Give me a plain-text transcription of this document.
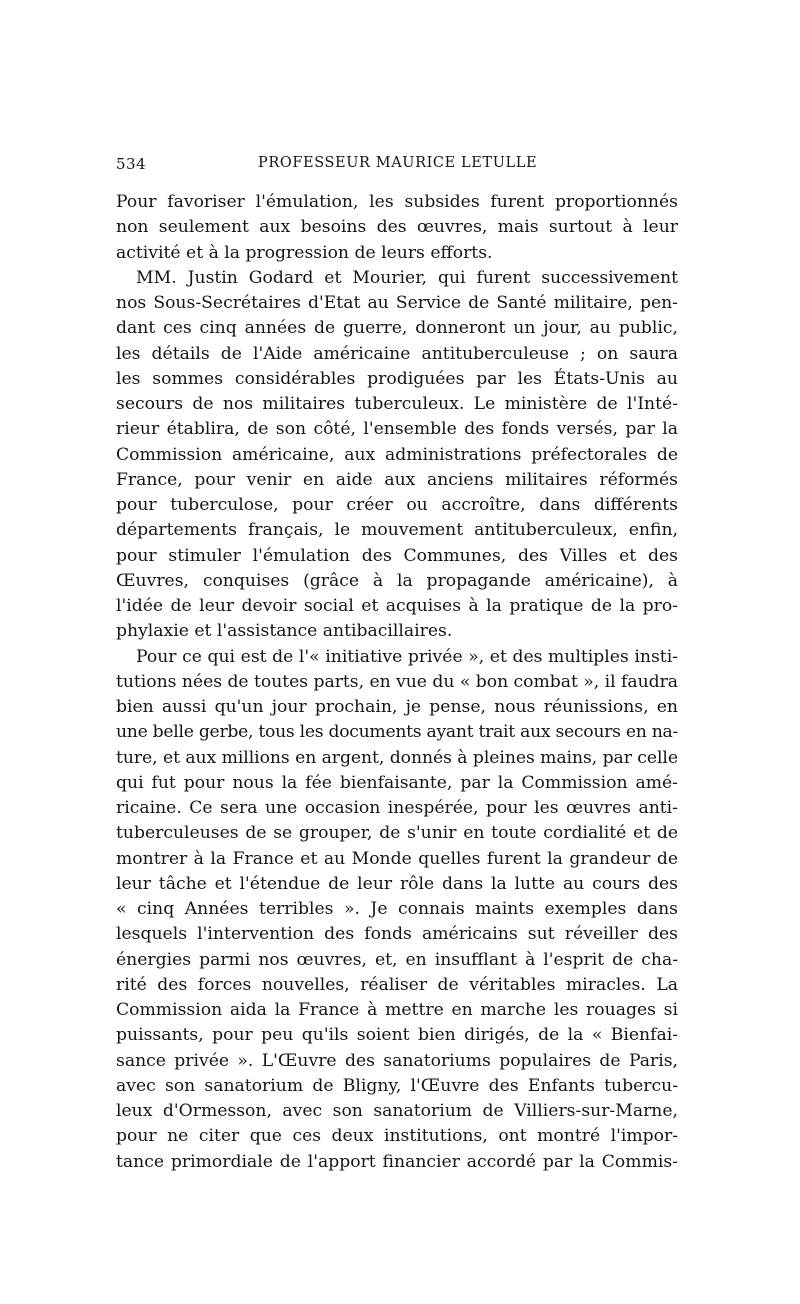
534	PROFESSEUR MAURICE LETULLE
Pour favoriser l'émulation, les subsides furent proportionnés
non seulement aux besoins des œuvres, mais surtout à leur
activité et à la progression de leurs efforts.
MM. Justin Godard et Mourier, qui furent successivement
nos Sous-Secrétaires d'Etat au Service de Santé militaire, pen-
dant ces cinq années de guerre, donneront un jour, au public,
les détails de l'Aide américaine antituberculeuse ; on saura
les sommes considérables prodiguées par les États-Unis au
secours de nos militaires tuberculeux. Le ministère de l'Inté-
rieur établira, de son côté, l'ensemble des fonds versés, par la
Commission américaine, aux administrations préfectorales de
France, pour venir en aide aux anciens militaires réformés
pour tuberculose, pour créer ou accroître, dans différents
départements français, le mouvement antituberculeux, enfin,
pour stimuler l'émulation des Communes, des Villes et des
Œuvres, conquises (grâce à la propagande américaine), à
l'idée de leur devoir social et acquises à la pratique de la pro-
phylaxie et l'assistance antibacillaires.
Pour ce qui est de l'« initiative privée », et des multiples insti-
tutions nées de toutes parts, en vue du « bon combat », il faudra
bien aussi qu'un jour prochain, je pense, nous réunissions, en
une belle gerbe, tous les documents ayant trait aux secours en na-
ture, et aux millions en argent, donnés à pleines mains, par celle
qui fut pour nous la fée bienfaisante, par la Commission amé-
ricaine. Ce sera une occasion inespérée, pour les œuvres anti-
tuberculeuses de se grouper, de s'unir en toute cordialité et de
montrer à la France et au Monde quelles furent la grandeur de
leur tâche et l'étendue de leur rôle dans la lutte au cours des
« cinq Années terribles ». Je connais maints exemples dans
lesquels l'intervention des fonds américains sut réveiller des
énergies parmi nos œuvres, et, en insufflant à l'esprit de cha-
rité des forces nouvelles, réaliser de véritables miracles. La
Commission aida la France à mettre en marche les rouages si
puissants, pour peu qu'ils soient bien dirigés, de la « Bienfai-
sance privée ». L'Œuvre des sanatoriums populaires de Paris,
avec son sanatorium de Bligny, l'Œuvre des Enfants tubercu-
leux d'Ormesson, avec son sanatorium de Villiers-sur-Marne,
pour ne citer que ces deux institutions, ont montré l'impor-
tance primordiale de l'apport financier accordé par la Commis-
